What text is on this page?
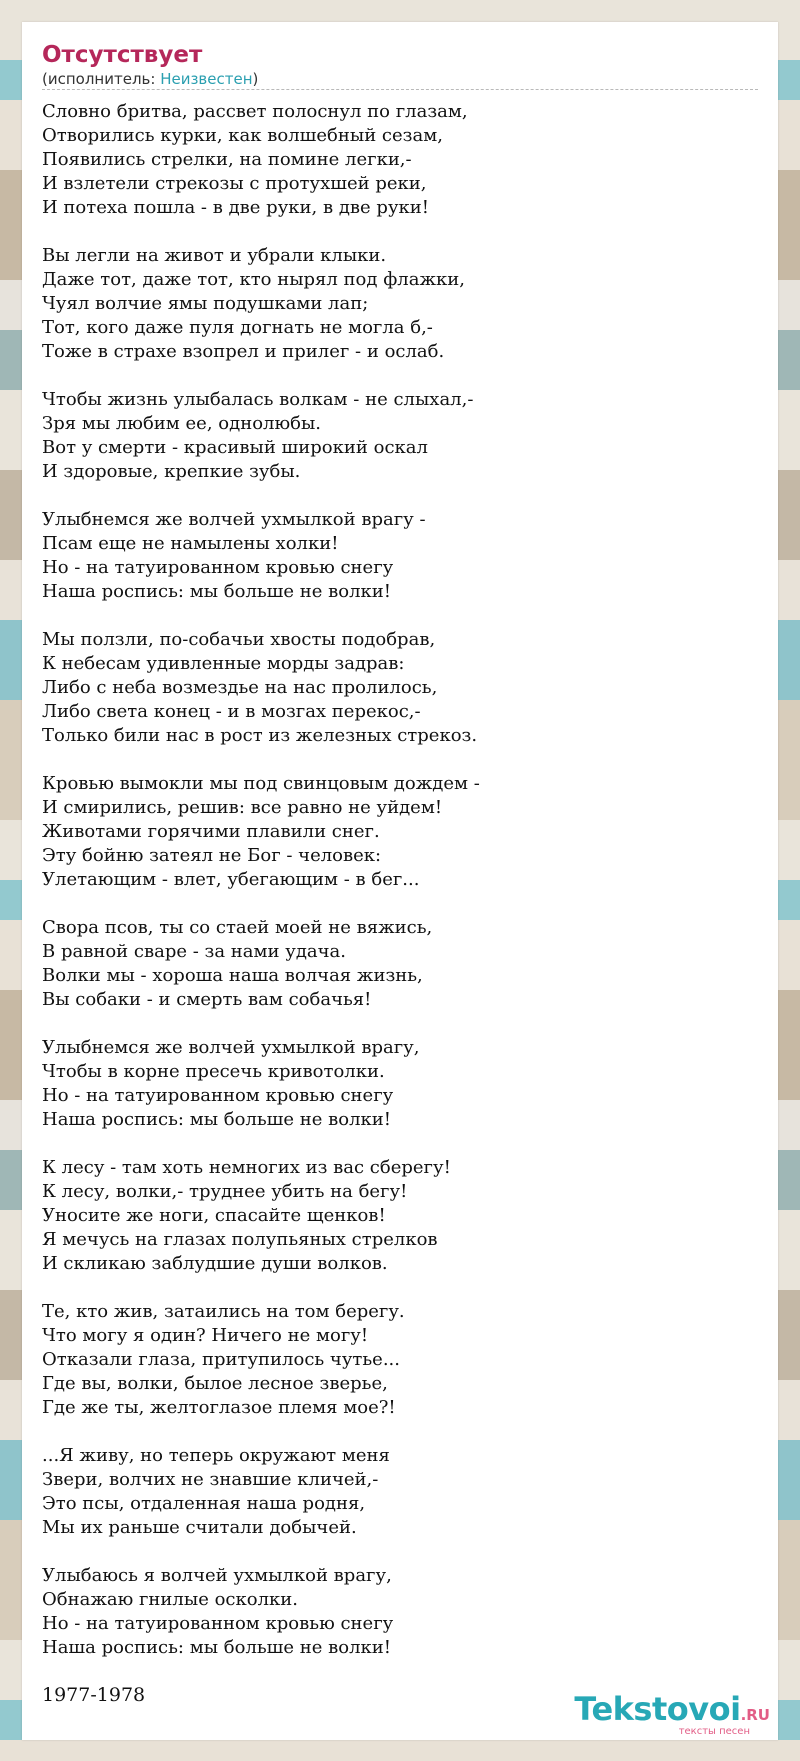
Отсутствует
(исполнитель: Неизвестен)
Словно бритва, рассвет полоснул по глазам,
Отворились курки, как волшебный сезам,
Появились стрелки, на помине легки,-
И взлетели стрекозы с протухшей реки,
И потеха пошла - в две руки, в две руки!
Вы легли на живот и убрали клыки.
Даже тот, даже тот, кто нырял под флажки,
Чуял волчие ямы подушками лап;
Тот, кого даже пуля догнать не могла б,-
Тоже в страхе взопрел и прилег - и ослаб.
Чтобы жизнь улыбалась волкам - не слыхал,-
Зря мы любим ее, однолюбы.
Вот у смерти - красивый широкий оскал
И здоровые, крепкие зубы.
Улыбнемся же волчей ухмылкой врагу -
Псам еще не намылены холки!
Но - на татуированном кровью снегу
Наша роспись: мы больше не волки!
Мы ползли, по-собачьи хвосты подобрав,
К небесам удивленные морды задрав:
Либо с неба возмездье на нас пролилось,
Либо света конец - и в мозгах перекос,-
Только били нас в рост из железных стрекоз.
Кровью вымокли мы под свинцовым дождем -
И смирились, решив: все равно не уйдем!
Животами горячими плавили снег.
Эту бойню затеял не Бог - человек:
Улетающим - влет, убегающим - в бег...
Свора псов, ты со стаей моей не вяжись,
В равной сваре - за нами удача.
Волки мы - хороша наша волчая жизнь,
Вы собаки - и смерть вам собачья!
Улыбнемся же волчей ухмылкой врагу,
Чтобы в корне пресечь кривотолки.
Но - на татуированном кровью снегу
Наша роспись: мы больше не волки!
К лесу - там хоть немногих из вас сберегу!
К лесу, волки,- труднее убить на бегу!
Уносите же ноги, спасайте щенков!
Я мечусь на глазах полупьяных стрелков
И скликаю заблудшие души волков.
Те, кто жив, затаились на том берегу.
Что могу я один? Ничего не могу!
Отказали глаза, притупилось чутье...
Где вы, волки, былое лесное зверье,
Где же ты, желтоглазое племя мое?!
...Я живу, но теперь окружают меня
Звери, волчих не знавшие кличей,-
Это псы, отдаленная наша родня,
Мы их раньше считали добычей.
Улыбаюсь я волчей ухмылкой врагу,
Обнажаю гнилые осколки.
Но - на татуированном кровью снегу
Наша роспись: мы больше не волки!
1977-1978	Tekstovoi.RU
тексты песен
